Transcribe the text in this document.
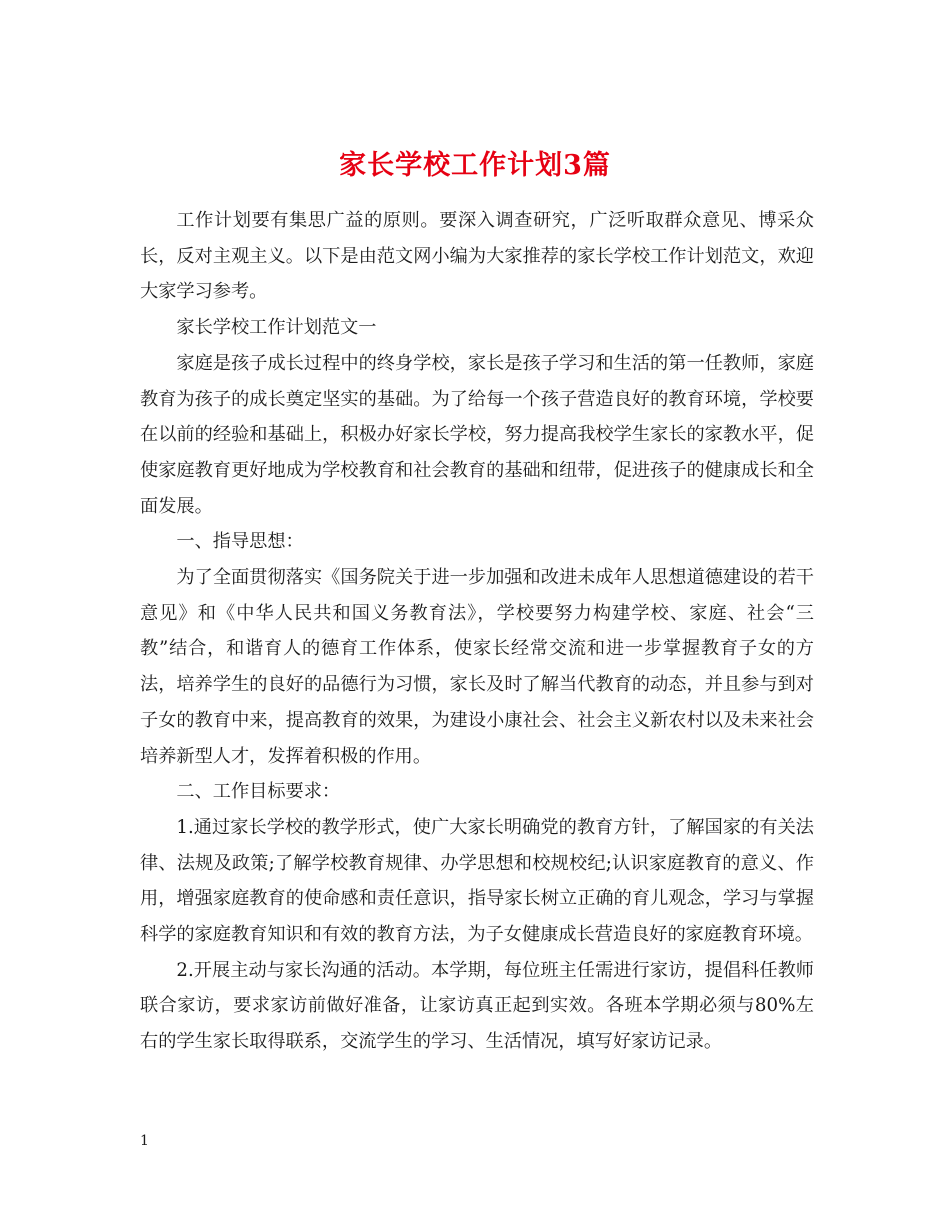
家长学校工作计划3篇

工作计划要有集思广益的原则。要深入调查研究，广泛听取群众意见、博采众长，反对主观主义。以下是由范文网小编为大家推荐的家长学校工作计划范文，欢迎大家学习参考。

家长学校工作计划范文一

家庭是孩子成长过程中的终身学校，家长是孩子学习和生活的第一任教师，家庭教育为孩子的成长奠定坚实的基础。为了给每一个孩子营造良好的教育环境，学校要在以前的经验和基础上，积极办好家长学校，努力提高我校学生家长的家教水平，促使家庭教育更好地成为学校教育和社会教育的基础和纽带，促进孩子的健康成长和全面发展。

一、指导思想：

为了全面贯彻落实《国务院关于进一步加强和改进未成年人思想道德建设的若干意见》和《中华人民共和国义务教育法》，学校要努力构建学校、家庭、社会“三教”结合，和谐育人的德育工作体系，使家长经常交流和进一步掌握教育子女的方法，培养学生的良好的品德行为习惯，家长及时了解当代教育的动态，并且参与到对子女的教育中来，提高教育的效果，为建设小康社会、社会主义新农村以及未来社会培养新型人才，发挥着积极的作用。

二、工作目标要求：

1.通过家长学校的教学形式，使广大家长明确党的教育方针，了解国家的有关法律、法规及政策;了解学校教育规律、办学思想和校规校纪;认识家庭教育的意义、作用，增强家庭教育的使命感和责任意识，指导家长树立正确的育儿观念，学习与掌握科学的家庭教育知识和有效的教育方法，为子女健康成长营造良好的家庭教育环境。

2.开展主动与家长沟通的活动。本学期，每位班主任需进行家访，提倡科任教师联合家访，要求家访前做好准备，让家访真正起到实效。各班本学期必须与80%左右的学生家长取得联系，交流学生的学习、生活情况，填写好家访记录。

1
